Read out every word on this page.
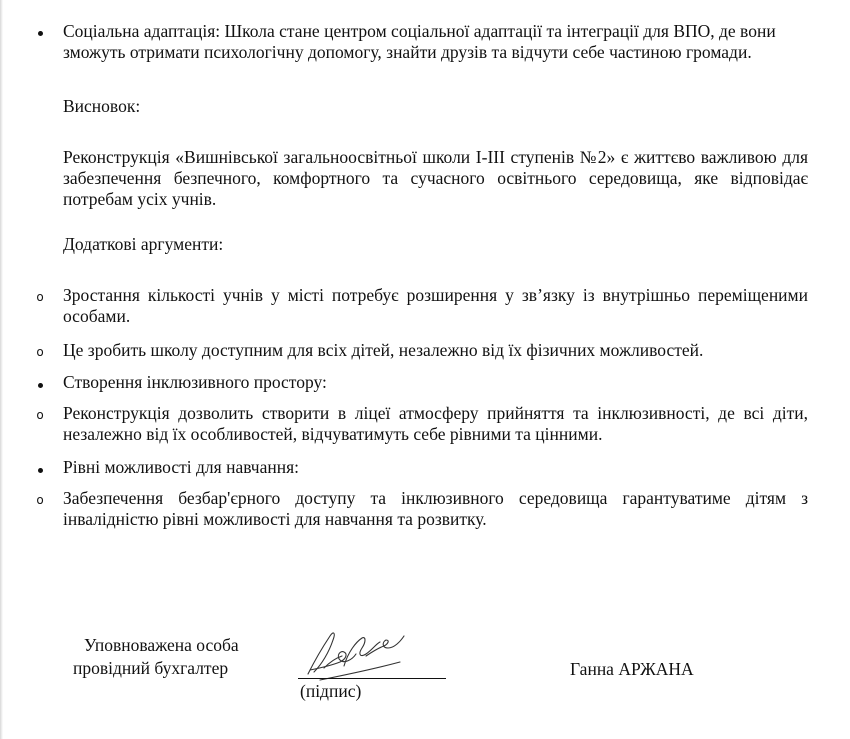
Соціальна адаптація: Школа стане центром соціальної адаптації та інтеграції для ВПО, де вони зможуть отримати психологічну допомогу, знайти друзів та відчути себе частиною громади.
Висновок:
Реконструкція «Вишнівської загальноосвітньої школи І-ІІІ ступенів №2» є життєво важливою для забезпечення безпечного, комфортного та сучасного освітнього середовища, яке відповідає потребам усіх учнів.
Додаткові аргументи:
o Зростання кількості учнів у місті потребує розширення у зв’язку із внутрішньо переміщеними особами.
o Це зробить школу доступним для всіх дітей, незалежно від їх фізичних можливостей.
Створення інклюзивного простору:
o Реконструкція дозволить створити в ліцеї атмосферу прийняття та інклюзивності, де всі діти, незалежно від їх особливостей, відчуватимуть себе рівними та цінними.
Рівні можливості для навчання:
o Забезпечення безбар'єрного доступу та інклюзивного середовища гарантуватиме дітям з інвалідністю рівні можливості для навчання та розвитку.
Уповноважена особа
провідний бухгалтер
(підпис)
Ганна АРЖАНА
